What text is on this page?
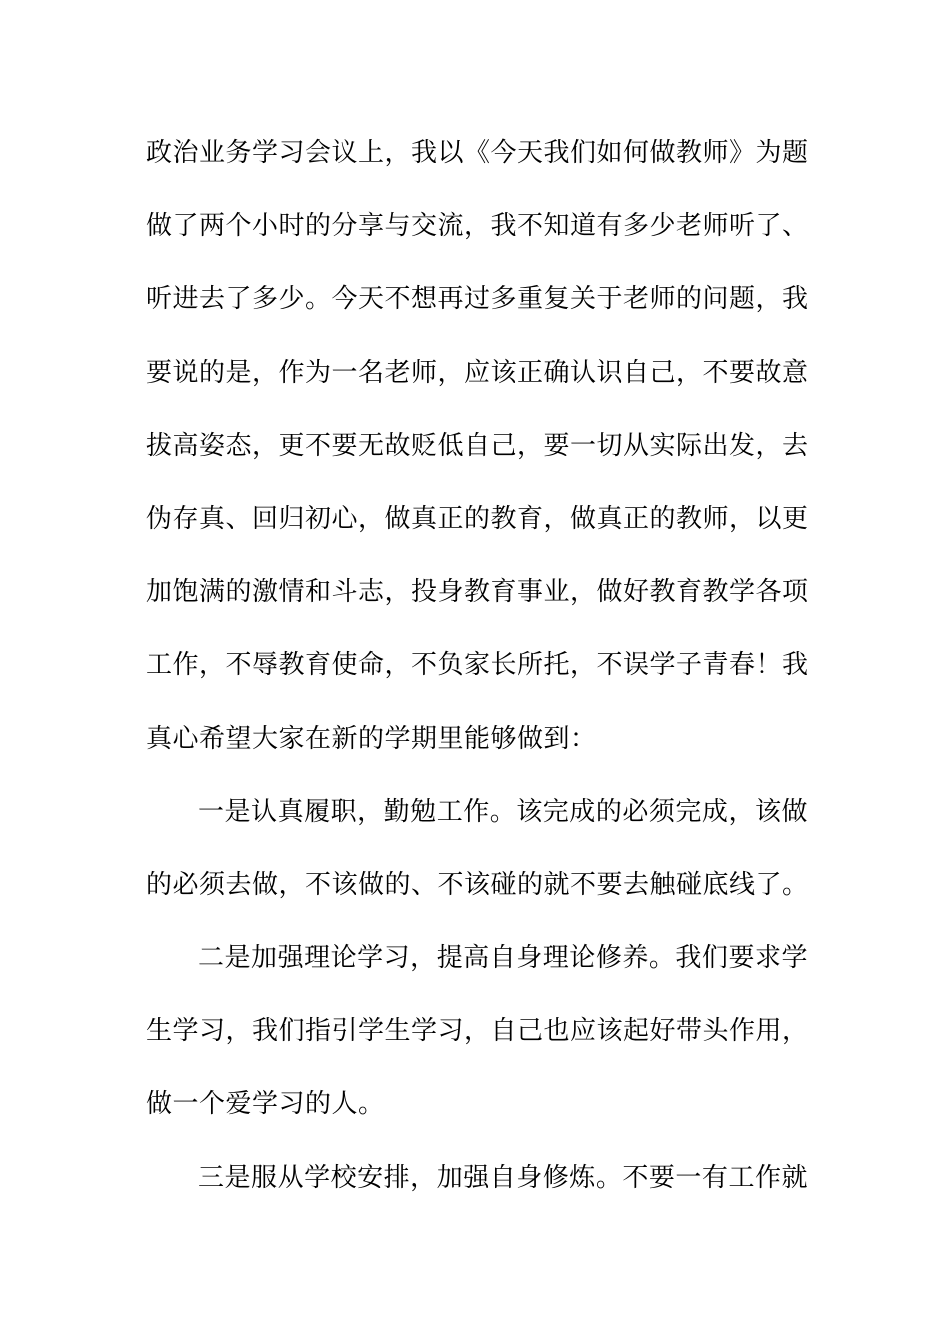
政治业务学习会议上，我以《今天我们如何做教师》为题
做了两个小时的分享与交流，我不知道有多少老师听了、
听进去了多少。今天不想再过多重复关于老师的问题，我
要说的是，作为一名老师，应该正确认识自己，不要故意
拔高姿态，更不要无故贬低自己，要一切从实际出发，去
伪存真、回归初心，做真正的教育，做真正的教师，以更
加饱满的激情和斗志，投身教育事业，做好教育教学各项
工作，不辱教育使命，不负家长所托，不误学子青春！我
真心希望大家在新的学期里能够做到：
一是认真履职，勤勉工作。该完成的必须完成，该做
的必须去做，不该做的、不该碰的就不要去触碰底线了。
二是加强理论学习，提高自身理论修养。我们要求学
生学习，我们指引学生学习，自己也应该起好带头作用，
做一个爱学习的人。
三是服从学校安排，加强自身修炼。不要一有工作就
